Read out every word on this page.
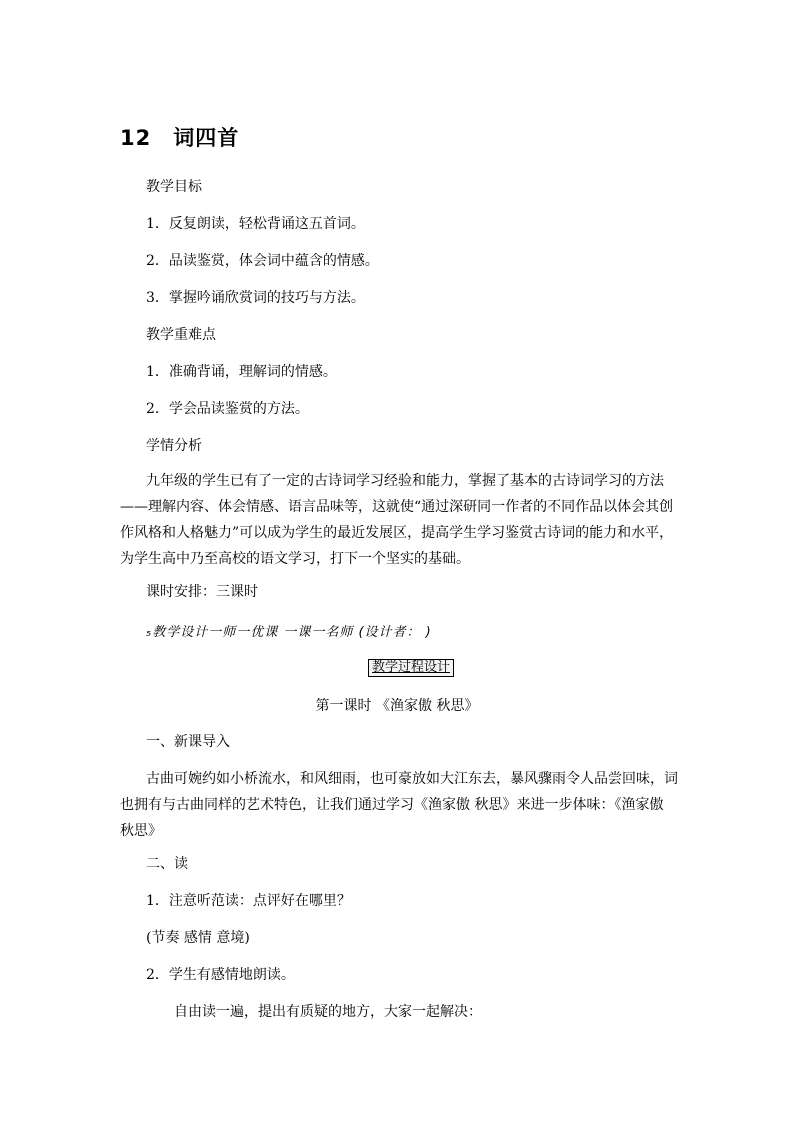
12 词四首
教学目标
1．反复朗读，轻松背诵这五首词。
2．品读鉴赏，体会词中蕴含的情感。
3．掌握吟诵欣赏词的技巧与方法。
教学重难点
1．准确背诵，理解词的情感。
2．学会品读鉴赏的方法。
学情分析
九年级的学生已有了一定的古诗词学习经验和能力，掌握了基本的古诗词学习的方法——理解内容、体会情感、语言品味等，这就使“通过深研同一作者的不同作品以体会其创作风格和人格魅力”可以成为学生的最近发展区，提高学生学习鉴赏古诗词的能力和水平，为学生高中乃至高校的语文学习，打下一个坚实的基础。
课时安排：三课时
₅教学设计一师一优课 一课一名师 (设计者： )
教学过程设计
第一课时 《渔家傲 秋思》
一、新课导入
古曲可婉约如小桥流水，和风细雨，也可豪放如大江东去，暴风骤雨令人品尝回味，词也拥有与古曲同样的艺术特色，让我们通过学习《渔家傲 秋思》来进一步体味：《渔家傲 秋思》
二、读
1．注意听范读：点评好在哪里？
(节奏 感情 意境)
2．学生有感情地朗读。
自由读一遍，提出有质疑的地方，大家一起解决：
